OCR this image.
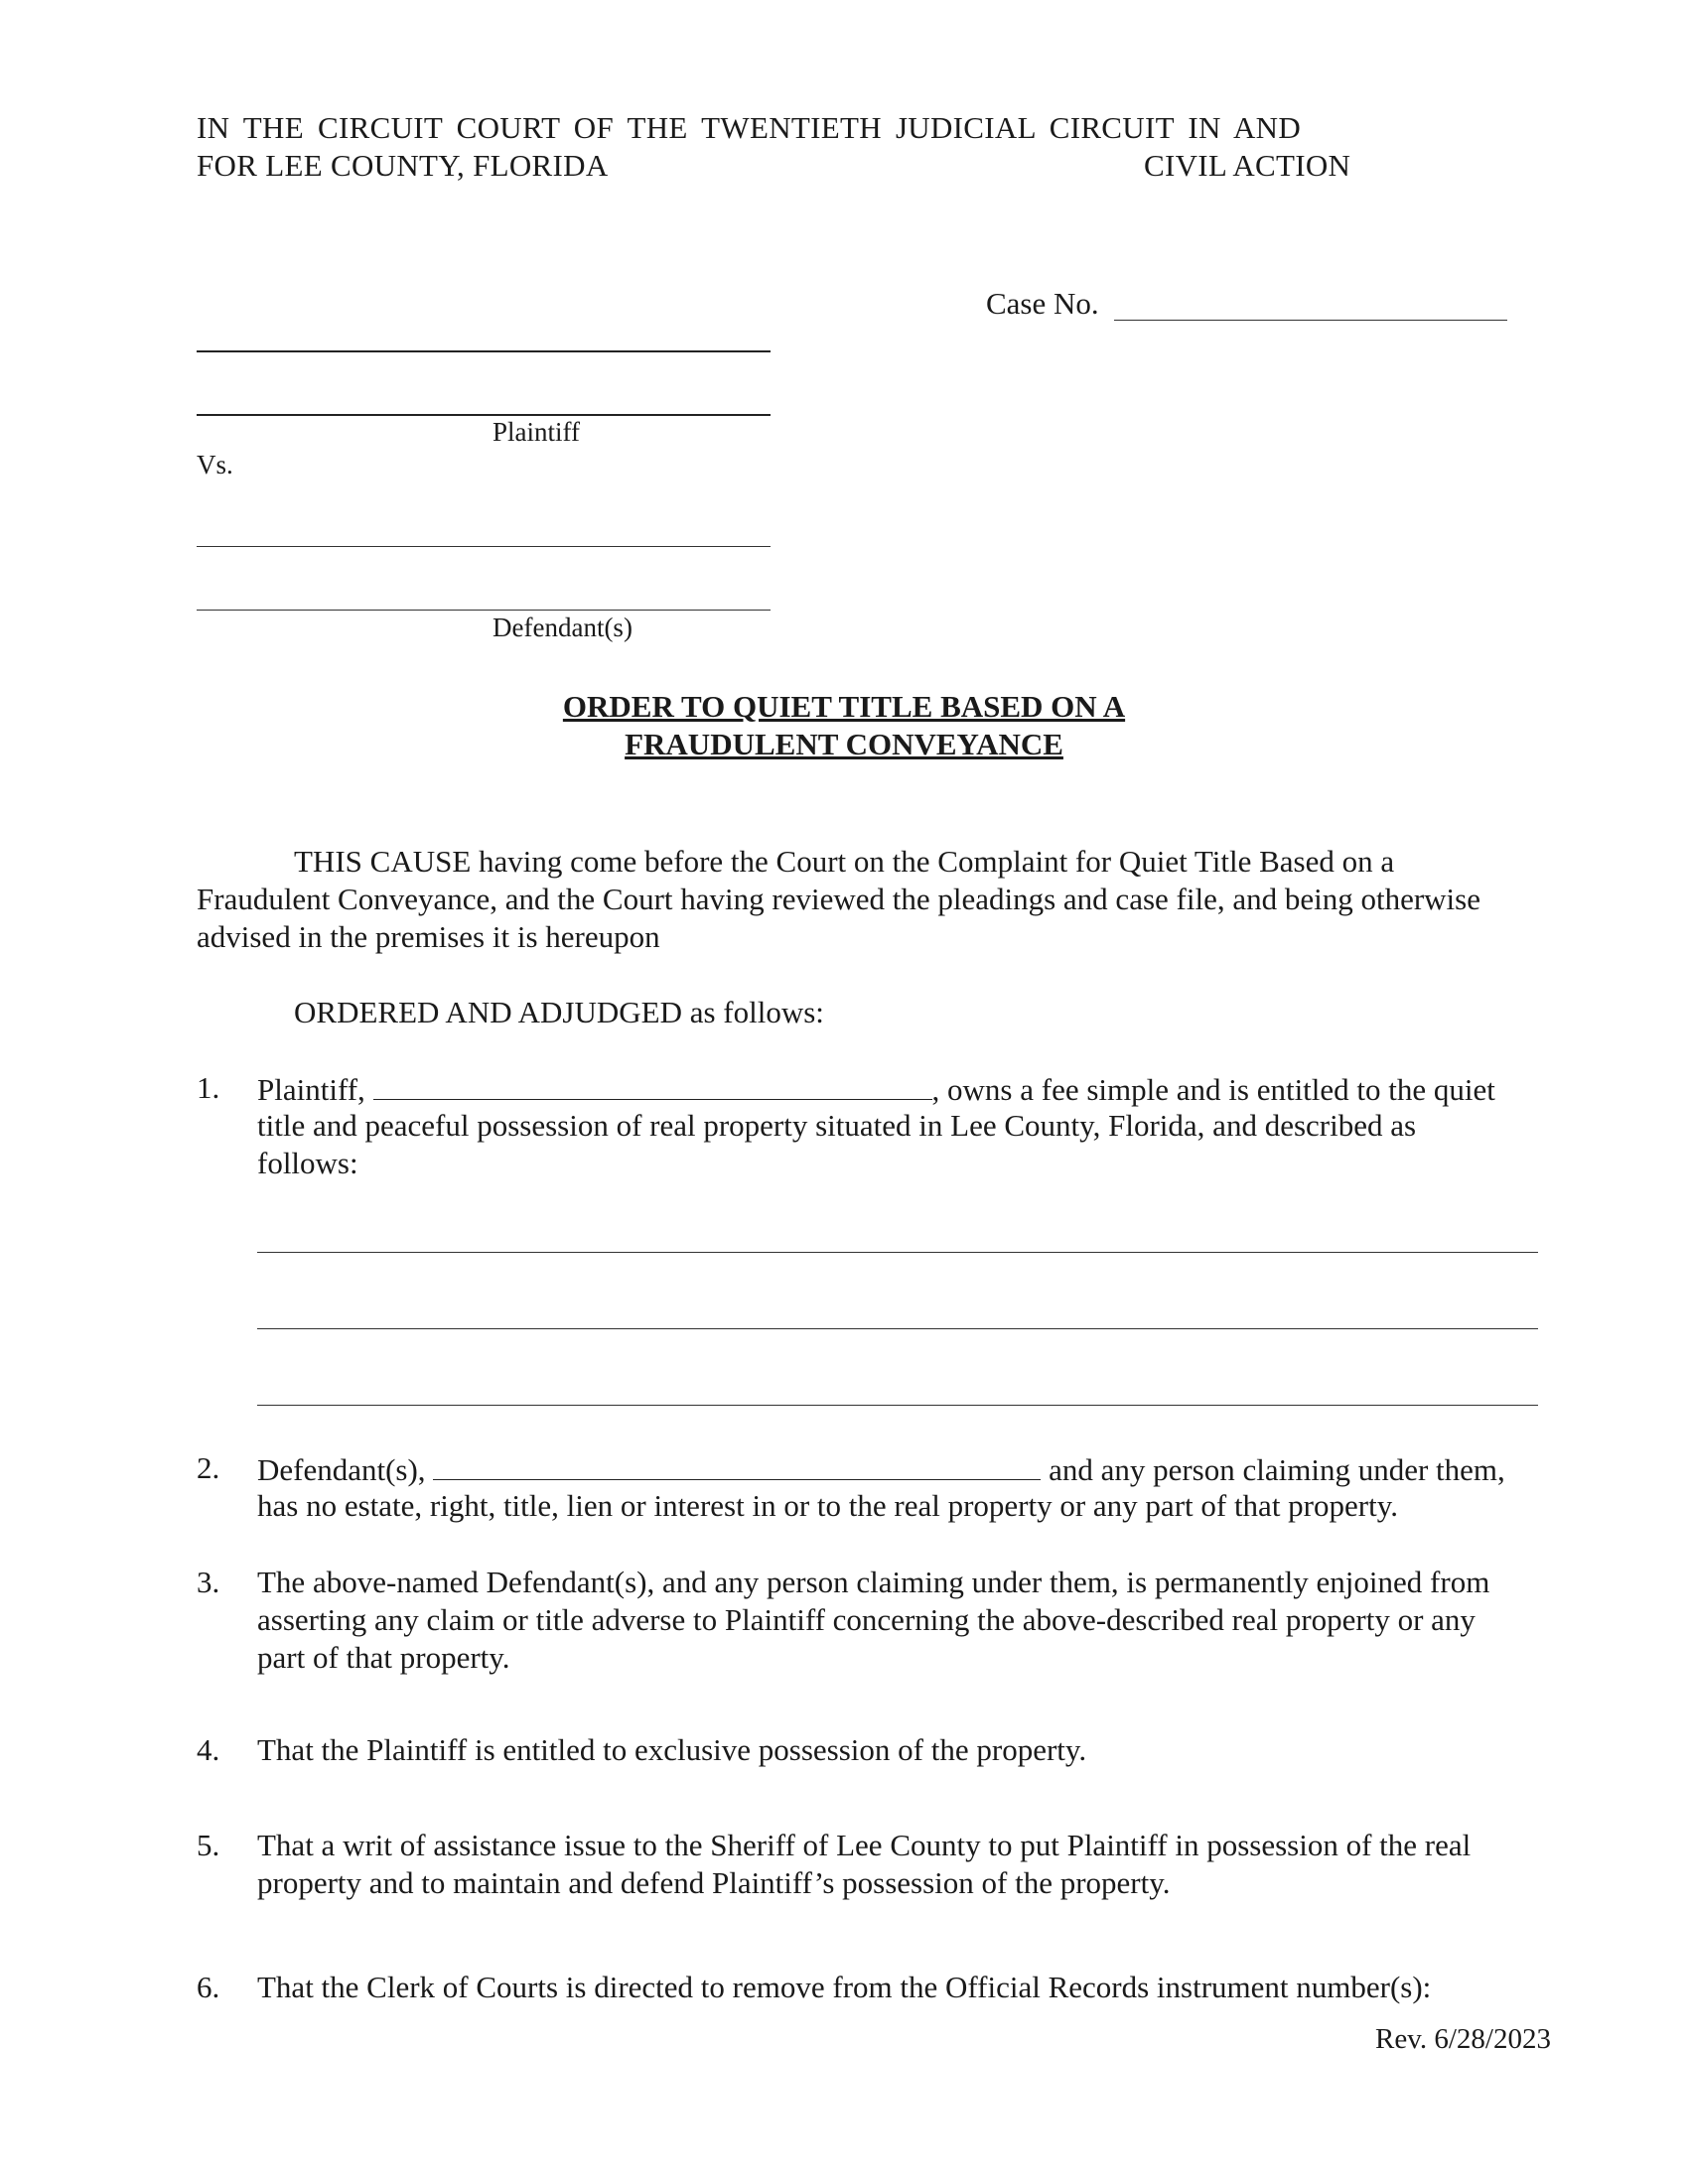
IN THE CIRCUIT COURT OF THE TWENTIETH JUDICIAL CIRCUIT IN AND
FOR LEE COUNTY, FLORIDA	CIVIL ACTION
Case No.
Plaintiff
Vs.
Defendant(s)
ORDER TO QUIET TITLE BASED ON A
FRAUDULENT CONVEYANCE
THIS CAUSE having come before the Court on the Complaint for Quiet Title Based on a
Fraudulent Conveyance, and the Court having reviewed the pleadings and case file, and being otherwise
advised in the premises it is hereupon
ORDERED AND ADJUDGED as follows:
1. Plaintiff,	, owns a fee simple and is entitled to the quiet
title and peaceful possession of real property situated in Lee County, Florida, and described as
follows:
2. Defendant(s),	and any person claiming under them,
has no estate, right, title, lien or interest in or to the real property or any part of that property.
3. The above-named Defendant(s), and any person claiming under them, is permanently enjoined from
asserting any claim or title adverse to Plaintiff concerning the above-described real property or any
part of that property.
4. That the Plaintiff is entitled to exclusive possession of the property.
5. That a writ of assistance issue to the Sheriff of Lee County to put Plaintiff in possession of the real
property and to maintain and defend Plaintiff’s possession of the property.
6. That the Clerk of Courts is directed to remove from the Official Records instrument number(s):
Rev. 6/28/2023
